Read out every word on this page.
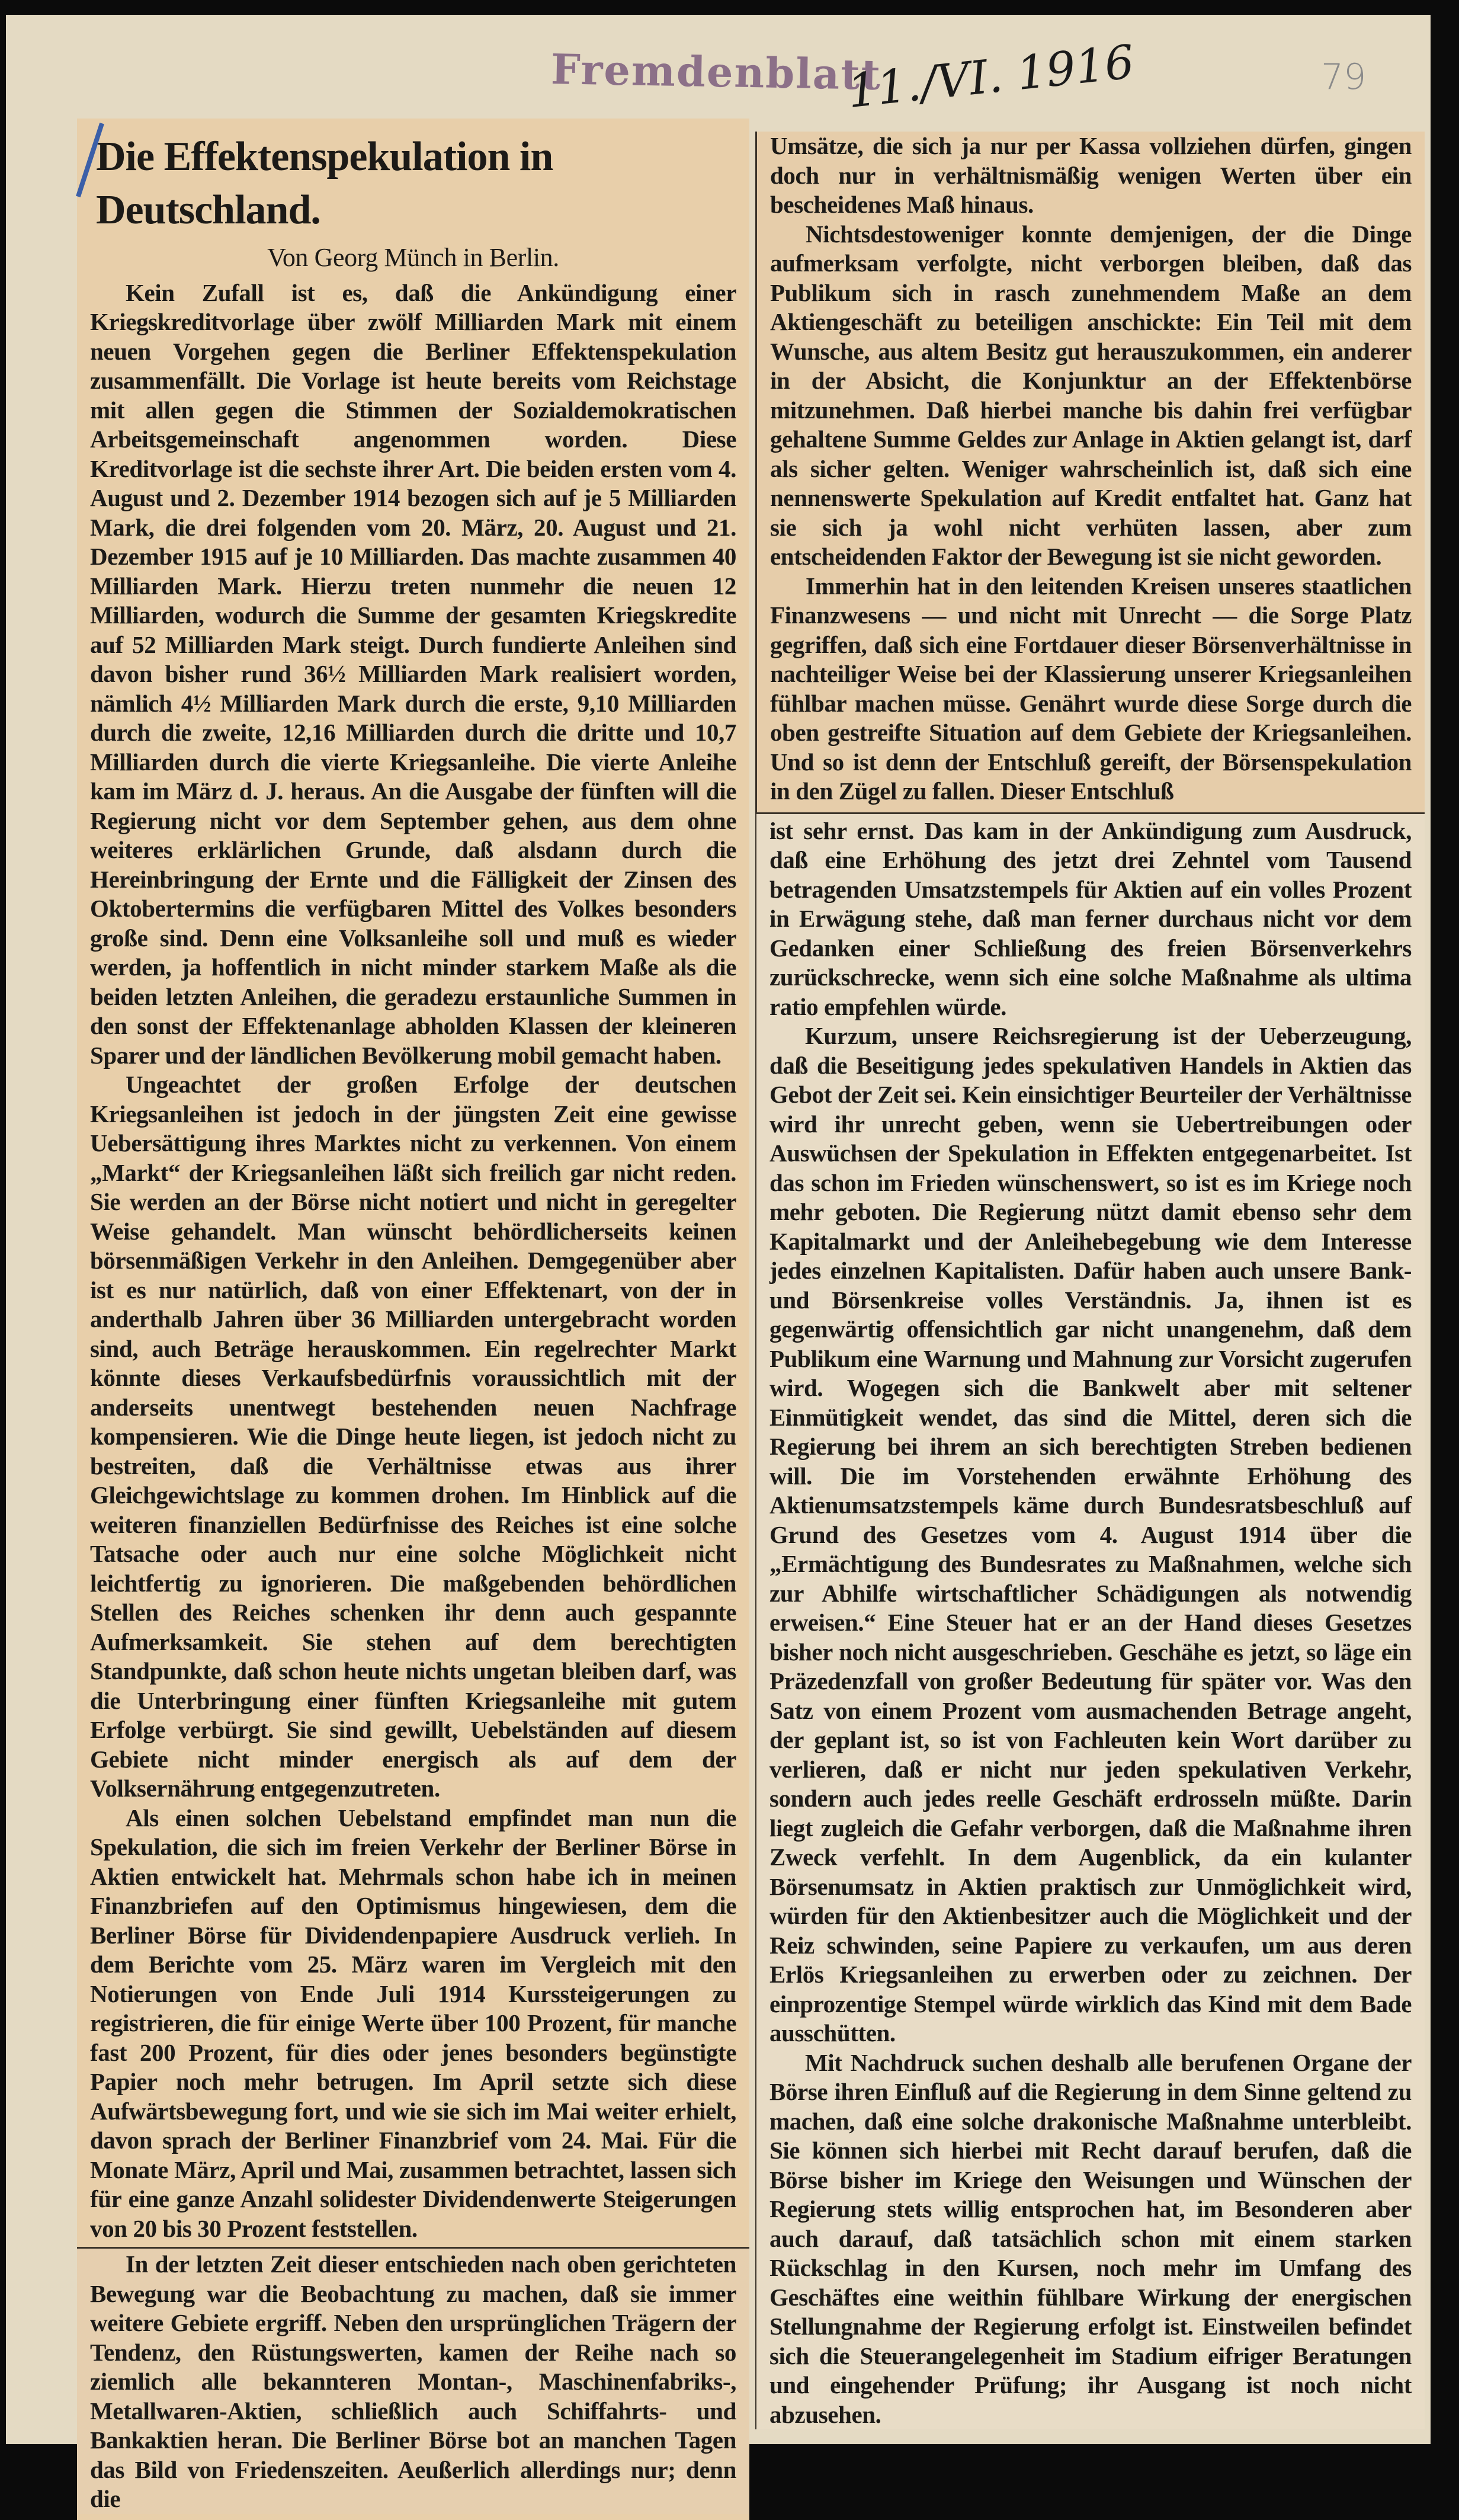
Fremdenblatt
11./VI. 1916	79
Die Effektenspekulation in Deutschland.
Von Georg Münch in Berlin.

Kein Zufall ist es, daß die Ankündigung einer Kriegskreditvorlage über zwölf Milliarden Mark mit einem neuen Vorgehen gegen die Berliner Effektenspekulation zusammenfällt. Die Vorlage ist heute bereits vom Reichstage mit allen gegen die Stimmen der Sozialdemokratischen Arbeitsgemeinschaft angenommen worden. Diese Kreditvorlage ist die sechste ihrer Art. Die beiden ersten vom 4. August und 2. Dezember 1914 bezogen sich auf je 5 Milliarden Mark, die drei folgenden vom 20. März, 20. August und 21. Dezember 1915 auf je 10 Milliarden. Das machte zusammen 40 Milliarden Mark. Hierzu treten nunmehr die neuen 12 Milliarden, wodurch die Summe der gesamten Kriegskredite auf 52 Milliarden Mark steigt. Durch fundierte Anleihen sind davon bisher rund 36½ Milliarden Mark realisiert worden, nämlich 4½ Milliarden Mark durch die erste, 9,10 Milliarden durch die zweite, 12,16 Milliarden durch die dritte und 10,7 Milliarden durch die vierte Kriegsanleihe. Die vierte Anleihe kam im März d. J. heraus. An die Ausgabe der fünften will die Regierung nicht vor dem September gehen, aus dem ohne weiteres erklärlichen Grunde, daß alsdann durch die Hereinbringung der Ernte und die Fälligkeit der Zinsen des Oktobertermins die verfügbaren Mittel des Volkes besonders große sind. Denn eine Volksanleihe soll und muß es wieder werden, ja hoffentlich in nicht minder starkem Maße als die beiden letzten Anleihen, die geradezu erstaunliche Summen in den sonst der Effektenanlage abholden Klassen der kleineren Sparer und der ländlichen Bevölkerung mobil gemacht haben.

Ungeachtet der großen Erfolge der deutschen Kriegsanleihen ist jedoch in der jüngsten Zeit eine gewisse Uebersättigung ihres Marktes nicht zu verkennen. Von einem „Markt“ der Kriegsanleihen läßt sich freilich gar nicht reden. Sie werden an der Börse nicht notiert und nicht in geregelter Weise gehandelt. Man wünscht behördlicherseits keinen börsenmäßigen Verkehr in den Anleihen. Demgegenüber aber ist es nur natürlich, daß von einer Effektenart, von der in anderthalb Jahren über 36 Milliarden untergebracht worden sind, auch Beträge herauskommen. Ein regelrechter Markt könnte dieses Verkaufsbedürfnis voraussichtlich mit der anderseits unentwegt bestehenden neuen Nachfrage kompensieren. Wie die Dinge heute liegen, ist jedoch nicht zu bestreiten, daß die Verhältnisse etwas aus ihrer Gleichgewichtslage zu kommen drohen. Im Hinblick auf die weiteren finanziellen Bedürfnisse des Reiches ist eine solche Tatsache oder auch nur eine solche Möglichkeit nicht leichtfertig zu ignorieren. Die maßgebenden behördlichen Stellen des Reiches schenken ihr denn auch gespannte Aufmerksamkeit. Sie stehen auf dem berechtigten Standpunkte, daß schon heute nichts ungetan bleiben darf, was die Unterbringung einer fünften Kriegsanleihe mit gutem Erfolge verbürgt. Sie sind gewillt, Uebelständen auf diesem Gebiete nicht minder energisch als auf dem der Volksernährung entgegenzutreten.

Als einen solchen Uebelstand empfindet man nun die Spekulation, die sich im freien Verkehr der Berliner Börse in Aktien entwickelt hat. Mehrmals schon habe ich in meinen Finanzbriefen auf den Optimismus hingewiesen, dem die Berliner Börse für Dividendenpapiere Ausdruck verlieh. In dem Berichte vom 25. März waren im Vergleich mit den Notierungen von Ende Juli 1914 Kurssteigerungen zu registrieren, die für einige Werte über 100 Prozent, für manche fast 200 Prozent, für dies oder jenes besonders begünstigte Papier noch mehr betrugen. Im April setzte sich diese Aufwärtsbewegung fort, und wie sie sich im Mai weiter erhielt, davon sprach der Berliner Finanzbrief vom 24. Mai. Für die Monate März, April und Mai, zusammen betrachtet, lassen sich für eine ganze Anzahl solidester Dividendenwerte Steigerungen von 20 bis 30 Prozent feststellen.

In der letzten Zeit dieser entschieden nach oben gerichteten Bewegung war die Beobachtung zu machen, daß sie immer weitere Gebiete ergriff. Neben den ursprünglichen Trägern der Tendenz, den Rüstungswerten, kamen der Reihe nach so ziemlich alle bekannteren Montan-, Maschinenfabriks-, Metallwaren-Aktien, schließlich auch Schiffahrts- und Bankaktien heran. Die Berliner Börse bot an manchen Tagen das Bild von Friedenszeiten. Aeußerlich allerdings nur; denn die

Umsätze, die sich ja nur per Kassa vollziehen dürfen, gingen doch nur in verhältnismäßig wenigen Werten über ein bescheidenes Maß hinaus.

Nichtsdestoweniger konnte demjenigen, der die Dinge aufmerksam verfolgte, nicht verborgen bleiben, daß das Publikum sich in rasch zunehmendem Maße an dem Aktiengeschäft zu beteiligen anschickte: Ein Teil mit dem Wunsche, aus altem Besitz gut herauszukommen, ein anderer in der Absicht, die Konjunktur an der Effektenbörse mitzunehmen. Daß hierbei manche bis dahin frei verfügbar gehaltene Summe Geldes zur Anlage in Aktien gelangt ist, darf als sicher gelten. Weniger wahrscheinlich ist, daß sich eine nennenswerte Spekulation auf Kredit entfaltet hat. Ganz hat sie sich ja wohl nicht verhüten lassen, aber zum entscheidenden Faktor der Bewegung ist sie nicht geworden.

Immerhin hat in den leitenden Kreisen unseres staatlichen Finanzwesens — und nicht mit Unrecht — die Sorge Platz gegriffen, daß sich eine Fortdauer dieser Börsenverhältnisse in nachteiliger Weise bei der Klassierung unserer Kriegsanleihen fühlbar machen müsse. Genährt wurde diese Sorge durch die oben gestreifte Situation auf dem Gebiete der Kriegsanleihen. Und so ist denn der Entschluß gereift, der Börsenspekulation in den Zügel zu fallen. Dieser Entschluß

ist sehr ernst. Das kam in der Ankündigung zum Ausdruck, daß eine Erhöhung des jetzt drei Zehntel vom Tausend betragenden Umsatzstempels für Aktien auf ein volles Prozent in Erwägung stehe, daß man ferner durchaus nicht vor dem Gedanken einer Schließung des freien Börsenverkehrs zurückschrecke, wenn sich eine solche Maßnahme als ultima ratio empfehlen würde.

Kurzum, unsere Reichsregierung ist der Ueberzeugung, daß die Beseitigung jedes spekulativen Handels in Aktien das Gebot der Zeit sei. Kein einsichtiger Beurteiler der Verhältnisse wird ihr unrecht geben, wenn sie Uebertreibungen oder Auswüchsen der Spekulation in Effekten entgegenarbeitet. Ist das schon im Frieden wünschenswert, so ist es im Kriege noch mehr geboten. Die Regierung nützt damit ebenso sehr dem Kapitalmarkt und der Anleihebegebung wie dem Interesse jedes einzelnen Kapitalisten. Dafür haben auch unsere Bank- und Börsenkreise volles Verständnis. Ja, ihnen ist es gegenwärtig offensichtlich gar nicht unangenehm, daß dem Publikum eine Warnung und Mahnung zur Vorsicht zugerufen wird. Wogegen sich die Bankwelt aber mit seltener Einmütigkeit wendet, das sind die Mittel, deren sich die Regierung bei ihrem an sich berechtigten Streben bedienen will. Die im Vorstehenden erwähnte Erhöhung des Aktienumsatzstempels käme durch Bundesratsbeschluß auf Grund des Gesetzes vom 4. August 1914 über die „Ermächtigung des Bundesrates zu Maßnahmen, welche sich zur Abhilfe wirtschaftlicher Schädigungen als notwendig erweisen.“ Eine Steuer hat er an der Hand dieses Gesetzes bisher noch nicht ausgeschrieben. Geschähe es jetzt, so läge ein Präzedenzfall von großer Bedeutung für später vor. Was den Satz von einem Prozent vom ausmachenden Betrage angeht, der geplant ist, so ist von Fachleuten kein Wort darüber zu verlieren, daß er nicht nur jeden spekulativen Verkehr, sondern auch jedes reelle Geschäft erdrosseln müßte. Darin liegt zugleich die Gefahr verborgen, daß die Maßnahme ihren Zweck verfehlt. In dem Augenblick, da ein kulanter Börsenumsatz in Aktien praktisch zur Unmöglichkeit wird, würden für den Aktienbesitzer auch die Möglichkeit und der Reiz schwinden, seine Papiere zu verkaufen, um aus deren Erlös Kriegsanleihen zu erwerben oder zu zeichnen. Der einprozentige Stempel würde wirklich das Kind mit dem Bade ausschütten.

Mit Nachdruck suchen deshalb alle berufenen Organe der Börse ihren Einfluß auf die Regierung in dem Sinne geltend zu machen, daß eine solche drakonische Maßnahme unterbleibt. Sie können sich hierbei mit Recht darauf berufen, daß die Börse bisher im Kriege den Weisungen und Wünschen der Regierung stets willig entsprochen hat, im Besonderen aber auch darauf, daß tatsächlich schon mit einem starken Rückschlag in den Kursen, noch mehr im Umfang des Geschäftes eine weithin fühlbare Wirkung der energischen Stellungnahme der Regierung erfolgt ist. Einstweilen befindet sich die Steuerangelegenheit im Stadium eifriger Beratungen und eingehender Prüfung; ihr Ausgang ist noch nicht abzusehen.
